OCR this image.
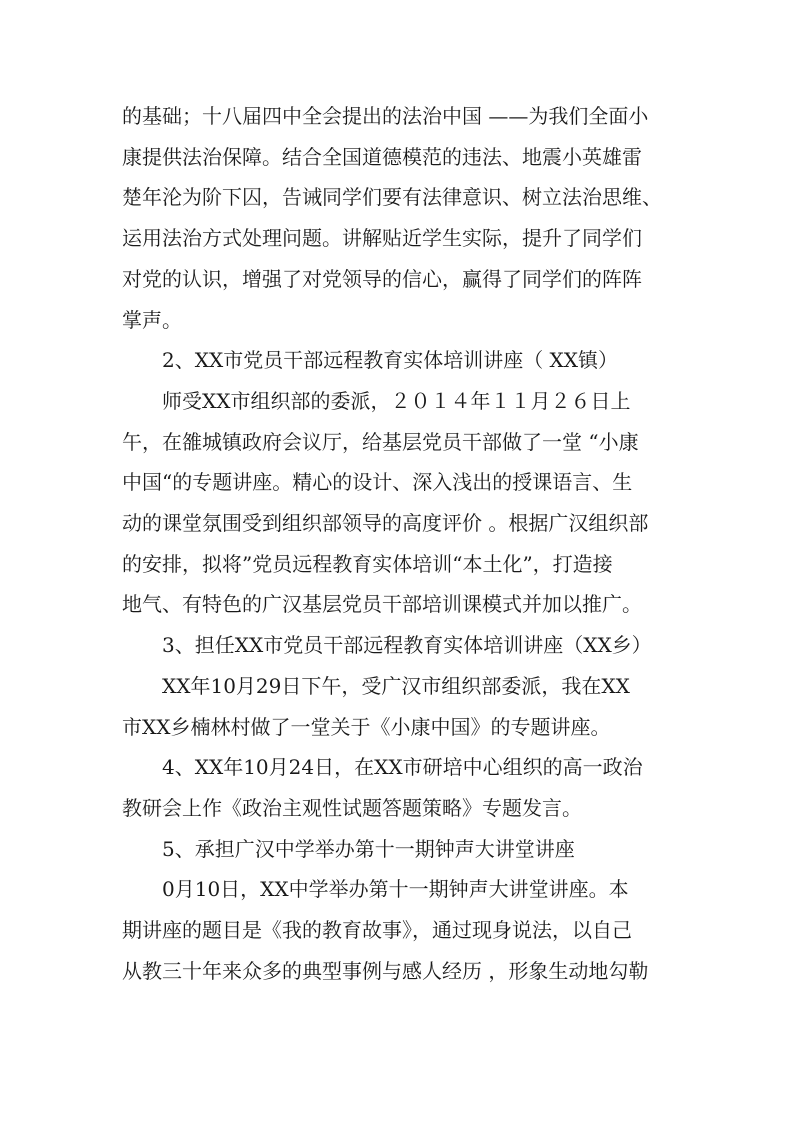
的基础；十八届四中全会提出的法治中国 ——为我们全面小
康提供法治保障。结合全国道德模范的违法、地震小英雄雷
楚年沦为阶下囚，告诫同学们要有法律意识、树立法治思维、
运用法治方式处理问题。讲解贴近学生实际，提升了同学们
对党的认识，增强了对党领导的信心，赢得了同学们的阵阵
掌声。
2、XX市党员干部远程教育实体培训讲座（ XX镇）
师受XX市组织部的委派，２０１４年１１月２６日上
午，在雒城镇政府会议厅，给基层党员干部做了一堂 “小康
中国“的专题讲座。精心的设计、深入浅出的授课语言、生
动的课堂氛围受到组织部领导的高度评价 。根据广汉组织部
的安排，拟将”党员远程教育实体培训“本土化”，打造接
地气、有特色的广汉基层党员干部培训课模式并加以推广。
3、担任XX市党员干部远程教育实体培训讲座（XX乡）
XX年10月29日下午，受广汉市组织部委派，我在XX
市XX乡楠林村做了一堂关于《小康中国》的专题讲座。
4、XX年10月24日，在XX市研培中心组织的高一政治
教研会上作《政治主观性试题答题策略》专题发言。
5、承担广汉中学举办第十一期钟声大讲堂讲座
0月10日，XX中学举办第十一期钟声大讲堂讲座。本
期讲座的题目是《我的教育故事》，通过现身说法，以自己
从教三十年来众多的典型事例与感人经历 ，形象生动地勾勒
